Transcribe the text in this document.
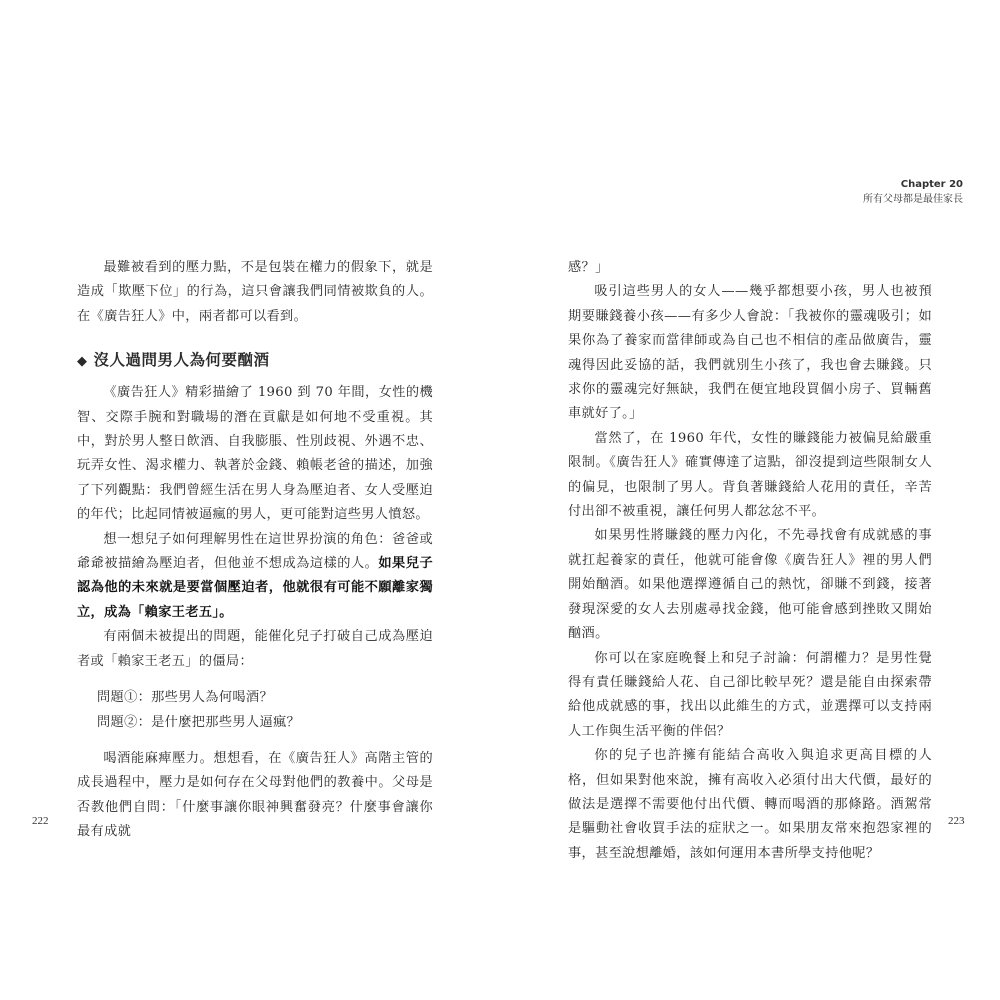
最難被看到的壓力點，不是包裝在權力的假象下，就是造成「欺壓下位」的行為，這只會讓我們同情被欺負的人。在《廣告狂人》中，兩者都可以看到。

◆ 沒人過問男人為何要酗酒

《廣告狂人》精彩描繪了 1960 到 70 年間，女性的機智、交際手腕和對職場的潛在貢獻是如何地不受重視。其中，對於男人整日飲酒、自我膨脹、性別歧視、外遇不忠、玩弄女性、渴求權力、執著於金錢、賴帳老爸的描述，加強了下列觀點：我們曾經生活在男人身為壓迫者、女人受壓迫的年代；比起同情被逼瘋的男人，更可能對這些男人憤怒。

想一想兒子如何理解男性在這世界扮演的角色：爸爸或爺爺被描繪為壓迫者，但他並不想成為這樣的人。如果兒子認為他的未來就是要當個壓迫者，他就很有可能不願離家獨立，成為「賴家王老五」。

有兩個未被提出的問題，能催化兒子打破自己成為壓迫者或「賴家王老五」的僵局：

問題①：那些男人為何喝酒？

問題②：是什麼把那些男人逼瘋？

喝酒能麻痺壓力。想想看，在《廣告狂人》高階主管的成長過程中，壓力是如何存在父母對他們的教養中。父母是否教他們自問：「什麼事讓你眼神興奮發亮？什麼事會讓你最有成就

222
Chapter 20
所有父母都是最佳家長

感？」

吸引這些男人的女人——幾乎都想要小孩，男人也被預期要賺錢養小孩——有多少人會說：「我被你的靈魂吸引；如果你為了養家而當律師或為自己也不相信的產品做廣告，靈魂得因此妥協的話，我們就別生小孩了，我也會去賺錢。只求你的靈魂完好無缺，我們在便宜地段買個小房子、買輛舊車就好了。」

當然了，在 1960 年代，女性的賺錢能力被偏見給嚴重限制。《廣告狂人》確實傳達了這點，卻沒提到這些限制女人的偏見，也限制了男人。背負著賺錢給人花用的責任，辛苦付出卻不被重視，讓任何男人都忿忿不平。

如果男性將賺錢的壓力內化，不先尋找會有成就感的事就扛起養家的責任，他就可能會像《廣告狂人》裡的男人們開始酗酒。如果他選擇遵循自己的熱忱，卻賺不到錢，接著發現深愛的女人去別處尋找金錢，他可能會感到挫敗又開始酗酒。

你可以在家庭晚餐上和兒子討論：何謂權力？是男性覺得有責任賺錢給人花、自己卻比較早死？還是能自由探索帶給他成就感的事，找出以此維生的方式，並選擇可以支持兩人工作與生活平衡的伴侶？

你的兒子也許擁有能結合高收入與追求更高目標的人格，但如果對他來說，擁有高收入必須付出大代價，最好的做法是選擇不需要他付出代價、轉而喝酒的那條路。酒駕常是驅動社會收買手法的症狀之一。如果朋友常來抱怨家裡的事，甚至說想離婚，該如何運用本書所學支持他呢？

223
